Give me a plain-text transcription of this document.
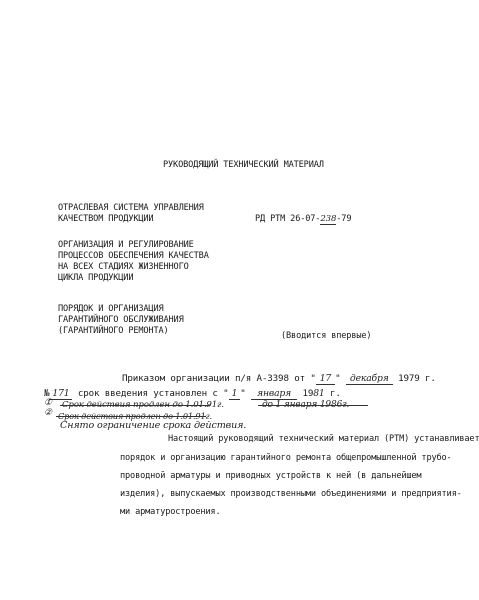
РУКОВОДЯЩИЙ ТЕХНИЧЕСКИЙ МАТЕРИАЛ
ОТРАСЛЕВАЯ СИСТЕМА УПРАВЛЕНИЯ
КАЧЕСТВОМ ПРОДУКЦИИ	РД РТМ 26-07-238-79
ОРГАНИЗАЦИЯ И РЕГУЛИРОВАНИЕ
ПРОЦЕССОВ ОБЕСПЕЧЕНИЯ КАЧЕСТВА
НА ВСЕХ СТАДИЯХ ЖИЗНЕННОГО
ЦИКЛА ПРОДУКЦИИ
ПОРЯДОК И ОРГАНИЗАЦИЯ
ГАРАНТИЙНОГО ОБСЛУЖИВАНИЯ
(ГАРАНТИЙНОГО РЕМОНТА)	(Вводится впервые)
Приказом организации п/я А-3398 от " 17 " декабря 1979 г.
№ 171 срок введения установлен с " 1 " января 1981 г.
①
②
Срок действия продлен до 1.01.91г.	до 1 января 1986г.
Срок действия продлен до 1.01.91г.
Снято ограничение срока действия.
Настоящий руководящий технический материал (РТМ) устанавливает
порядок и организацию гарантийного ремонта общепромышленной трубо-
проводной арматуры и приводных устройств к ней (в дальнейшем
изделия), выпускаемых производственными объединениями и предприятия-
ми арматуростроения.
